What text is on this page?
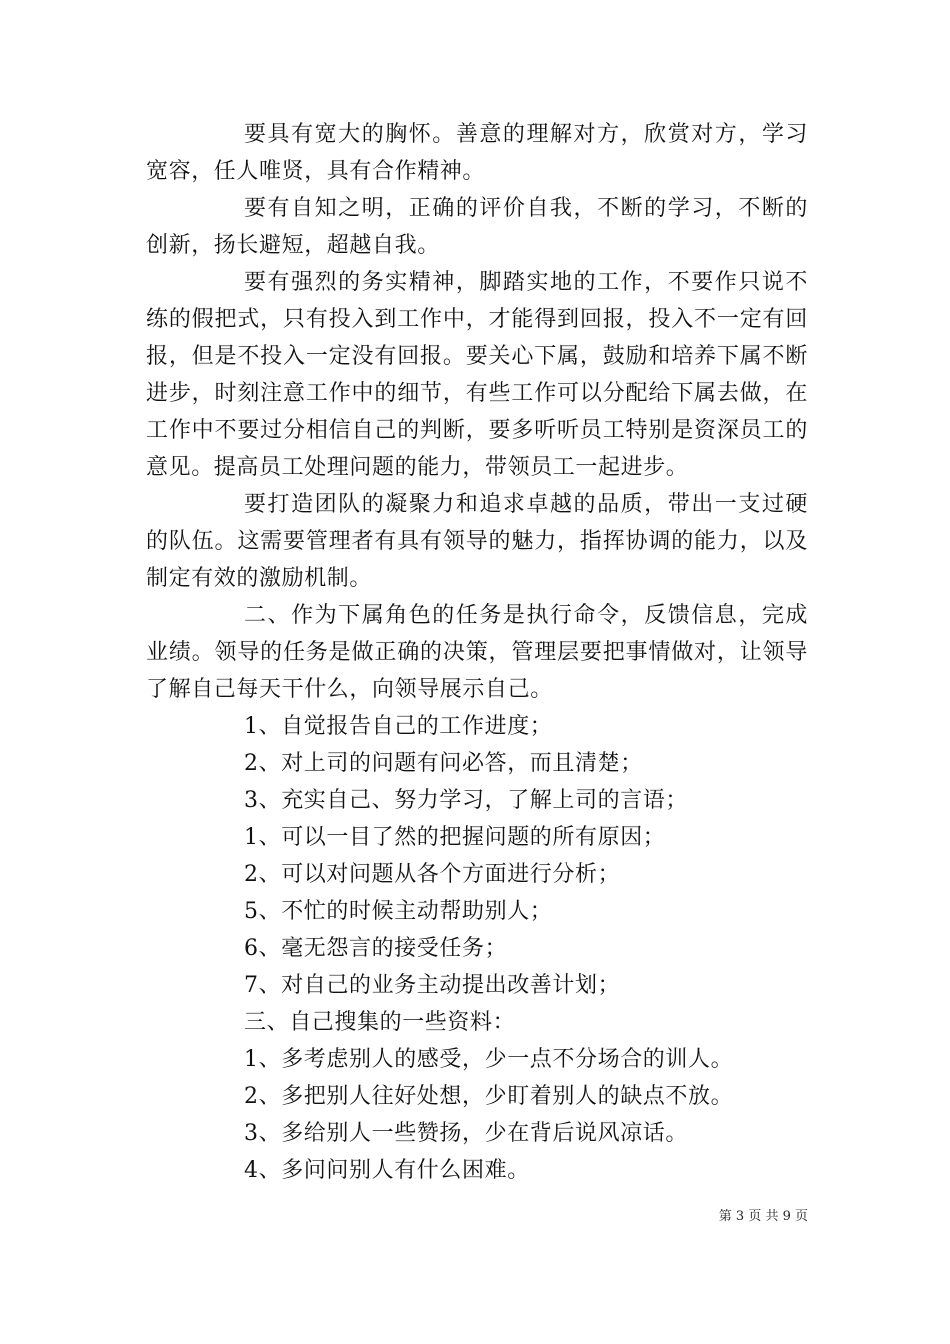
要具有宽大的胸怀。善意的理解对方，欣赏对方，学习宽容，任人唯贤，具有合作精神。

要有自知之明，正确的评价自我，不断的学习，不断的创新，扬长避短，超越自我。

要有强烈的务实精神，脚踏实地的工作，不要作只说不练的假把式，只有投入到工作中，才能得到回报，投入不一定有回报，但是不投入一定没有回报。要关心下属，鼓励和培养下属不断进步，时刻注意工作中的细节，有些工作可以分配给下属去做，在工作中不要过分相信自己的判断，要多听听员工特别是资深员工的意见。提高员工处理问题的能力，带领员工一起进步。

要打造团队的凝聚力和追求卓越的品质，带出一支过硬的队伍。这需要管理者有具有领导的魅力，指挥协调的能力，以及制定有效的激励机制。

二、作为下属角色的任务是执行命令，反馈信息，完成业绩。领导的任务是做正确的决策，管理层要把事情做对，让领导了解自己每天干什么，向领导展示自己。

1、自觉报告自己的工作进度；

2、对上司的问题有问必答，而且清楚；

3、充实自己、努力学习，了解上司的言语；

1、可以一目了然的把握问题的所有原因；

2、可以对问题从各个方面进行分析；

5、不忙的时候主动帮助别人；

6、毫无怨言的接受任务；

7、对自己的业务主动提出改善计划；

三、自己搜集的一些资料：

1、多考虑别人的感受，少一点不分场合的训人。

2、多把别人往好处想，少盯着别人的缺点不放。

3、多给别人一些赞扬，少在背后说风凉话。

4、多问问别人有什么困难。

第 3 页 共 9 页
